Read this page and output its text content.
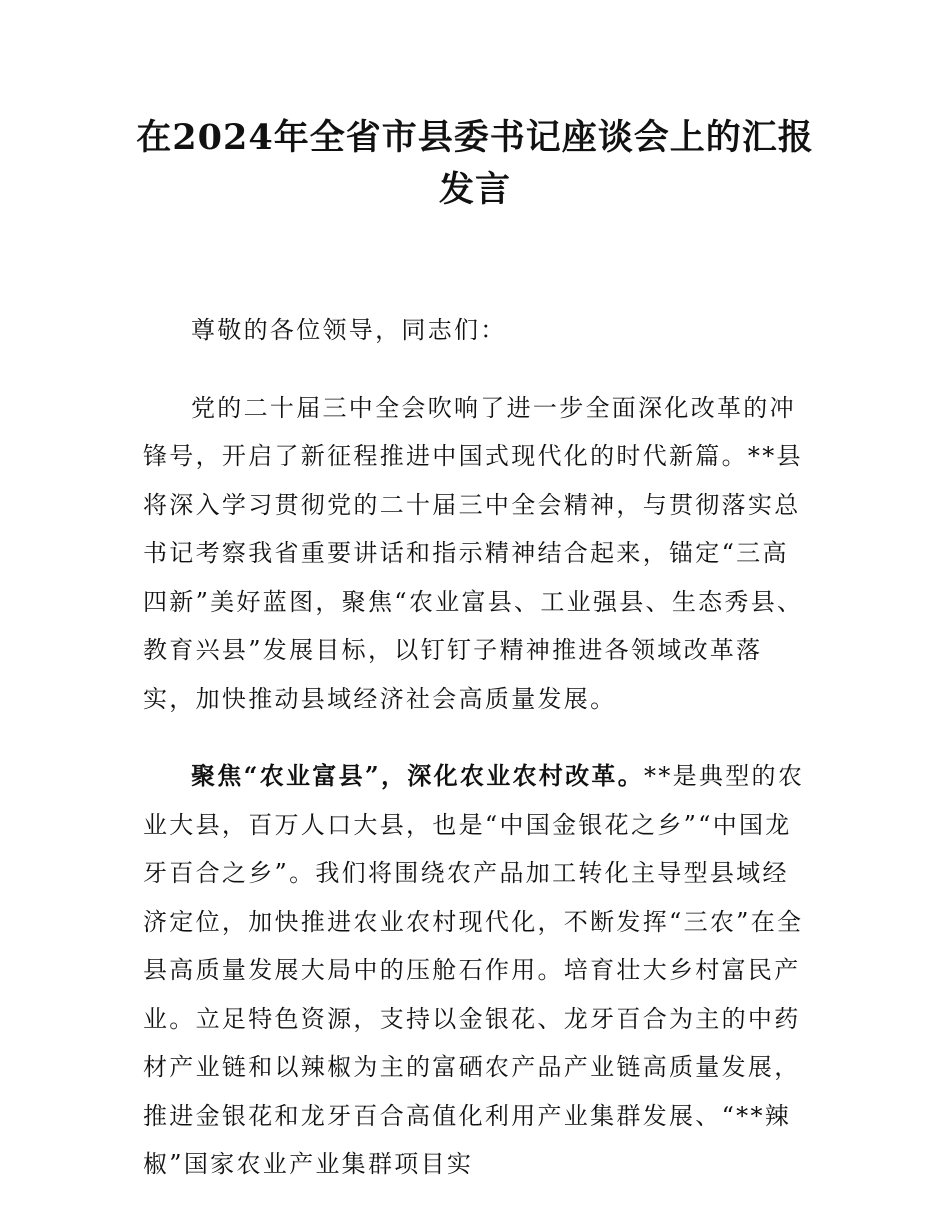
在2024年全省市县委书记座谈会上的汇报发言

尊敬的各位领导，同志们：

党的二十届三中全会吹响了进一步全面深化改革的冲锋号，开启了新征程推进中国式现代化的时代新篇。**县将深入学习贯彻党的二十届三中全会精神，与贯彻落实总书记考察我省重要讲话和指示精神结合起来，锚定“三高四新”美好蓝图，聚焦“农业富县、工业强县、生态秀县、教育兴县”发展目标，以钉钉子精神推进各领域改革落实，加快推动县域经济社会高质量发展。

聚焦“农业富县”，深化农业农村改革。**是典型的农业大县，百万人口大县，也是“中国金银花之乡”“中国龙牙百合之乡”。我们将围绕农产品加工转化主导型县域经济定位，加快推进农业农村现代化，不断发挥“三农”在全县高质量发展大局中的压舱石作用。培育壮大乡村富民产业。立足特色资源，支持以金银花、龙牙百合为主的中药材产业链和以辣椒为主的富硒农产品产业链高质量发展，推进金银花和龙牙百合高值化利用产业集群发展、“**辣椒”国家农业产业集群项目实
